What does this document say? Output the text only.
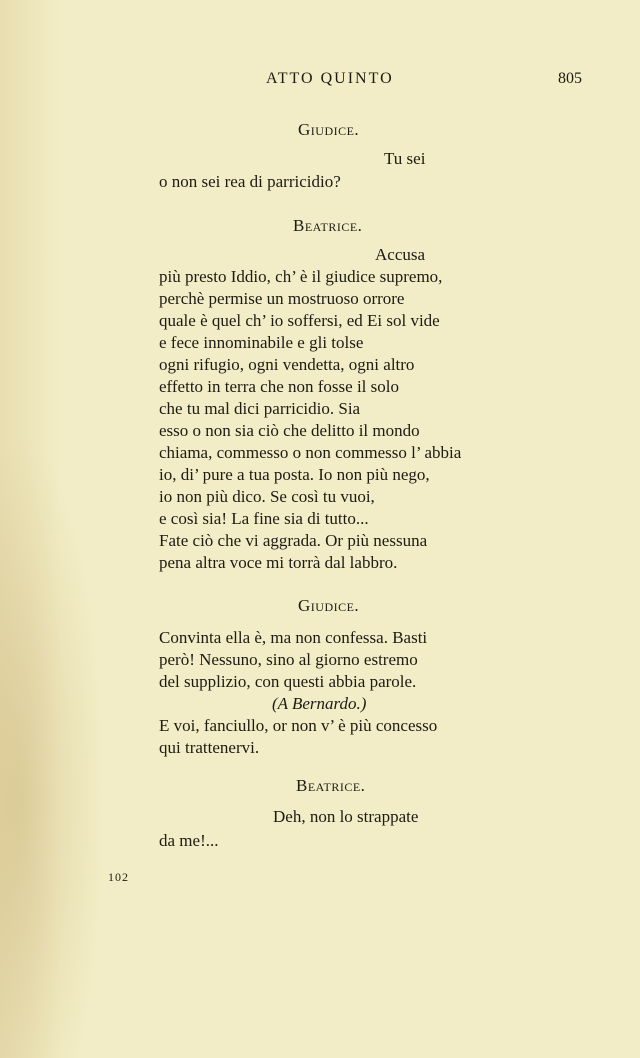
ATTO QUINTO	805
Giudice.
Tu sei
o non sei rea di parricidio?
Beatrice.
Accusa
più presto Iddio, ch’ è il giudice supremo,
perchè permise un mostruoso orrore
quale è quel ch’ io soffersi, ed Ei sol vide
e fece innominabile e gli tolse
ogni rifugio, ogni vendetta, ogni altro
effetto in terra che non fosse il solo
che tu mal dici parricidio. Sia
esso o non sia ciò che delitto il mondo
chiama, commesso o non commesso l’ abbia
io, di’ pure a tua posta. Io non più nego,
io non più dico. Se così tu vuoi,
e così sia! La fine sia di tutto...
Fate ciò che vi aggrada. Or più nessuna
pena altra voce mi torrà dal labbro.
Giudice.
Convinta ella è, ma non confessa. Basti
però! Nessuno, sino al giorno estremo
del supplizio, con questi abbia parole.
(A Bernardo.)
E voi, fanciullo, or non v’ è più concesso
qui trattenervi.
Beatrice.
Deh, non lo strappate
da me!...
102
